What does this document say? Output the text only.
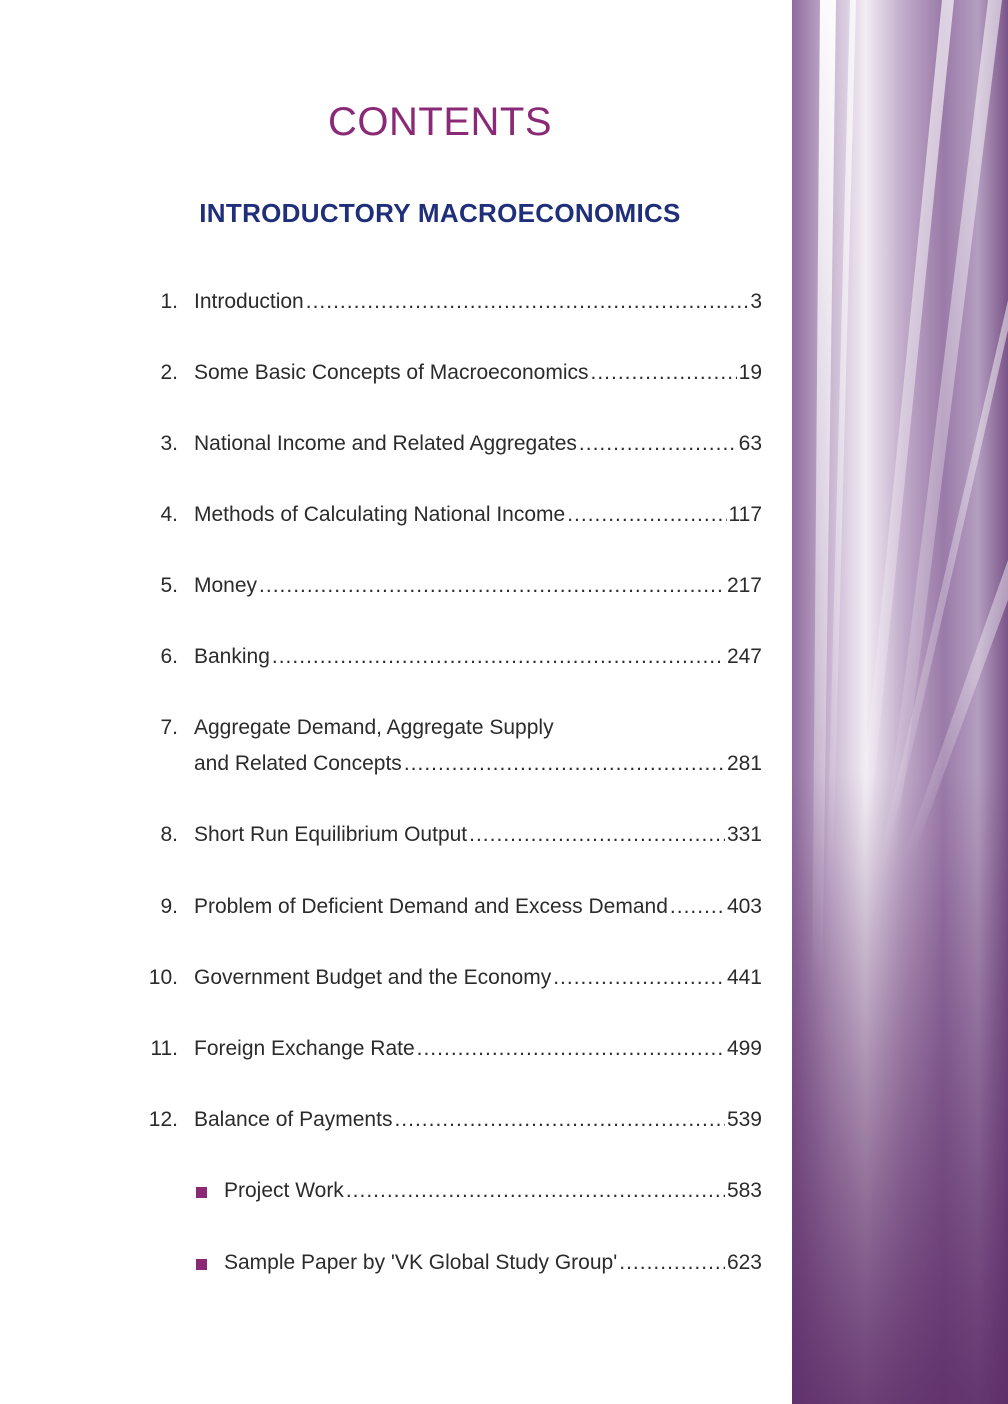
CONTENTS
INTRODUCTORY MACROECONOMICS
1. Introduction .....	3
2. Some Basic Concepts of Macroeconomics .....	19
3. National Income and Related Aggregates .....	63
4. Methods of Calculating National Income .....	117
5. Money .....	217
6. Banking .....	247
7. Aggregate Demand, Aggregate Supply
and Related Concepts .....	281
8. Short Run Equilibrium Output .....	331
9. Problem of Deficient Demand and Excess Demand .....	403
10. Government Budget and the Economy .....	441
11. Foreign Exchange Rate .....	499
12. Balance of Payments .....	539
Project Work .....	583
Sample Paper by 'VK Global Study Group' .....	623
